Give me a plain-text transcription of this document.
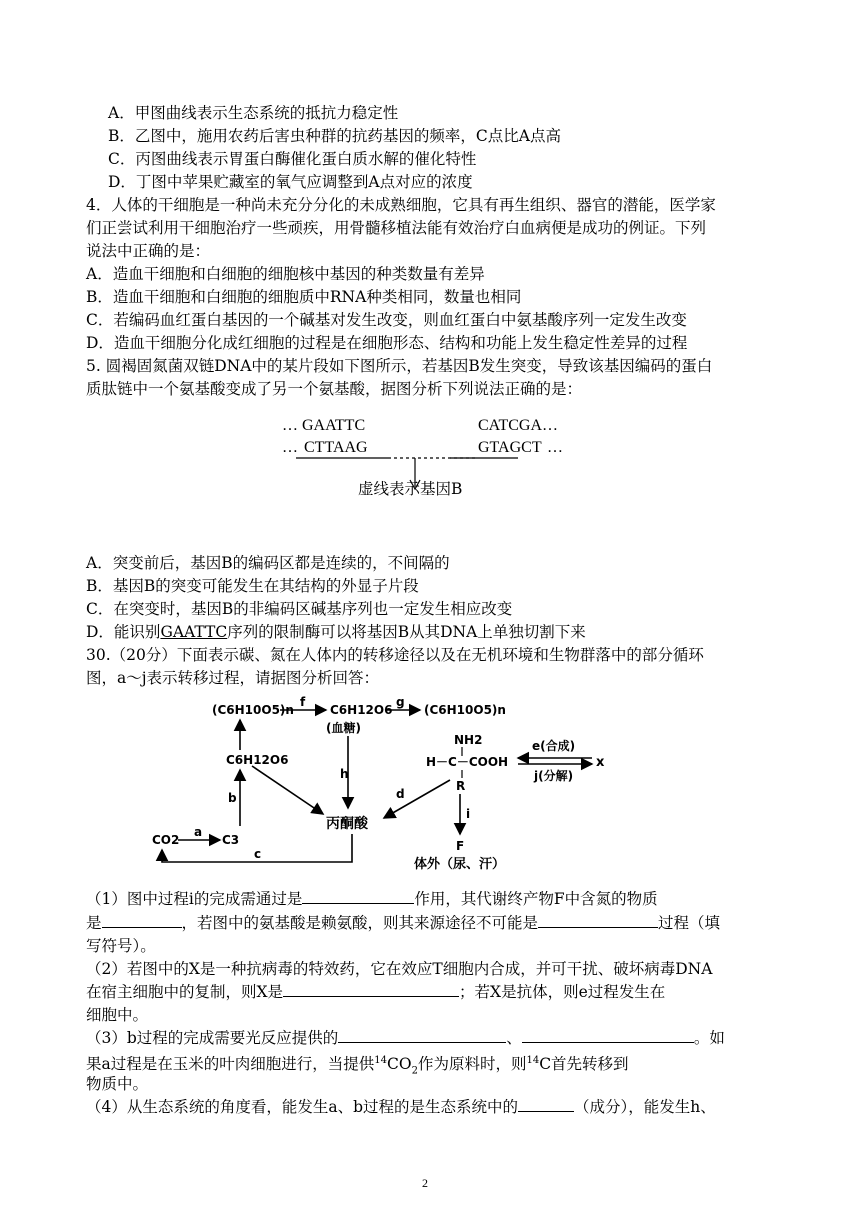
A．甲图曲线表示生态系统的抵抗力稳定性
B．乙图中，施用农药后害虫种群的抗药基因的频率，C点比A点高
C．丙图曲线表示胃蛋白酶催化蛋白质水解的催化特性
D．丁图中苹果贮藏室的氧气应调整到A点对应的浓度
4．人体的干细胞是一种尚未充分分化的未成熟细胞，它具有再生组织、器官的潜能，医学家
们正尝试利用干细胞治疗一些顽疾，用骨髓移植法能有效治疗白血病便是成功的例证。下列
说法中正确的是：
A．造血干细胞和白细胞的细胞核中基因的种类数量有差异
B．造血干细胞和白细胞的细胞质中RNA种类相同，数量也相同
C．若编码血红蛋白基因的一个碱基对发生改变，则血红蛋白中氨基酸序列一定发生改变
D．造血干细胞分化成红细胞的过程是在细胞形态、结构和功能上发生稳定性差异的过程
5. 圆褐固氮菌双链DNA中的某片段如下图所示，若基因B发生突变，导致该基因编码的蛋白
质肽链中一个氨基酸变成了另一个氨基酸，据图分析下列说法正确的是：
… GAATTC	CATCGA…
… CTTAAG	GTAGCT …
虚线表示基因B
A．突变前后，基因B的编码区都是连续的，不间隔的
B．基因B的突变可能发生在其结构的外显子片段
C．在突变时，基因B的非编码区碱基序列也一定发生相应改变
D．能识别GAATTC序列的限制酶可以将基因B从其DNA上单独切割下来
30.（20分）下面表示碳、氮在人体内的转移途径以及在无机环境和生物群落中的部分循环
图，a～j表示转移过程，请据图分析回答：
(C6H10O5)n
f
C6H12O6
(血糖)
g
(C6H10O5)n
C6H12O6
b
h
丙酮酸
d
CO2
a
C3
c
NH2
H－C－COOH
R
e(合成)
j(分解)
x
i
F
体外（尿、汗）
（1）图中过程i的完成需通过是	作用，其代谢终产物F中含氮的物质
是	，若图中的氨基酸是赖氨酸，则其来源途径不可能是	过程（填
写符号）。
（2）若图中的X是一种抗病毒的特效药，它在效应T细胞内合成，并可干扰、破坏病毒DNA
在宿主细胞中的复制，则X是	；若X是抗体，则e过程发生在
细胞中。
（3）b过程的完成需要光反应提供的	、	。如
果a过程是在玉米的叶肉细胞进行，当提供$^{14}CO_2$作为原料时，则$^{14}$C首先转移到
物质中。
（4）从生态系统的角度看，能发生a、b过程的是生态系统中的	（成分），能发生h、
2
